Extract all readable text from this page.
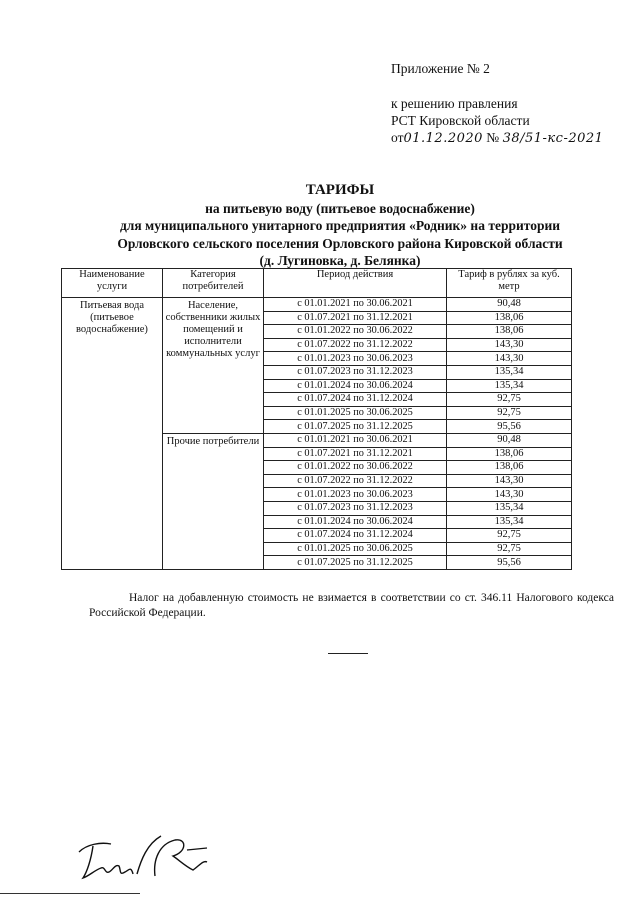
Приложение № 2
к решению правления
РСТ Кировской области
от01.12.2020 № 38/51-кс-2021
ТАРИФЫ
на питьевую воду (питьевое водоснабжение)
для муниципального унитарного предприятия «Родник» на территории
Орловского сельского поселения Орловского района Кировской области
(д. Лугиновка, д. Белянка)
Наименование услуги	Категория потребителей	Период действия	Тариф в рублях за куб. метр
Питьевая вода (питьевое водоснабжение)	Население, собственники жилых помещений и исполнители коммунальных услуг	с 01.01.2021 по 30.06.2021	90,48
		с 01.07.2021 по 31.12.2021	138,06
		с 01.01.2022 по 30.06.2022	138,06
		с 01.07.2022 по 31.12.2022	143,30
		с 01.01.2023 по 30.06.2023	143,30
		с 01.07.2023 по 31.12.2023	135,34
		с 01.01.2024 по 30.06.2024	135,34
		с 01.07.2024 по 31.12.2024	92,75
		с 01.01.2025 по 30.06.2025	92,75
		с 01.07.2025 по 31.12.2025	95,56
	Прочие потребители	с 01.01.2021 по 30.06.2021	90,48
		с 01.07.2021 по 31.12.2021	138,06
		с 01.01.2022 по 30.06.2022	138,06
		с 01.07.2022 по 31.12.2022	143,30
		с 01.01.2023 по 30.06.2023	143,30
		с 01.07.2023 по 31.12.2023	135,34
		с 01.01.2024 по 30.06.2024	135,34
		с 01.07.2024 по 31.12.2024	92,75
		с 01.01.2025 по 30.06.2025	92,75
		с 01.07.2025 по 31.12.2025	95,56
Налог на добавленную стоимость не взимается в соответствии со ст. 346.11 Налогового кодекса Российской Федерации.
